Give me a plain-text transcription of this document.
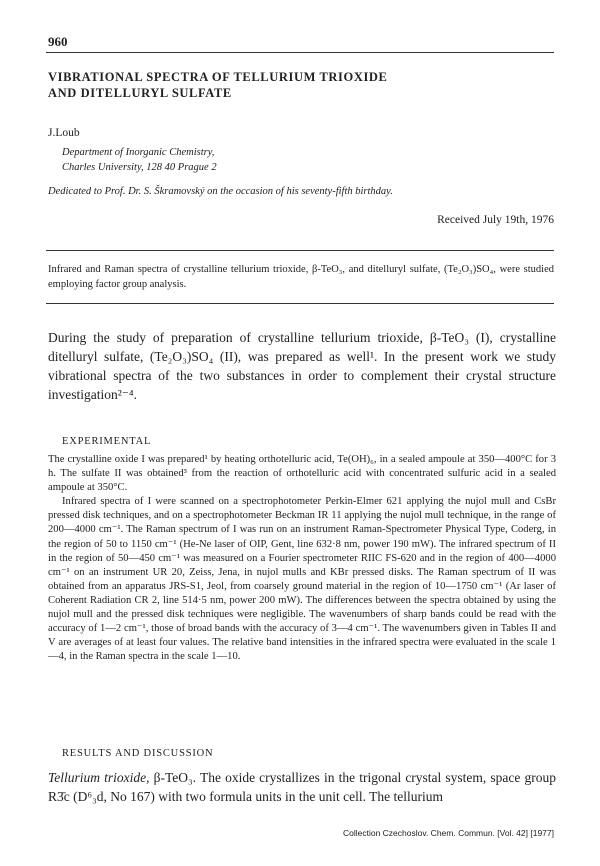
960
VIBRATIONAL SPECTRA OF TELLURIUM TRIOXIDE
AND DITELLURYL SULFATE
J.Loub
Department of Inorganic Chemistry,
Charles University, 128 40 Prague 2
Dedicated to Prof. Dr. S. Škramovský on the occasion of his seventy-fifth birthday.
Received July 19th, 1976
Infrared and Raman spectra of crystalline tellurium trioxide, β-TeO₃, and ditelluryl sulfate, (Te₂O₃)SO₄, were studied employing factor group analysis.
During the study of preparation of crystalline tellurium trioxide, β-TeO₃ (I), crystalline ditelluryl sulfate, (Te₂O₃)SO₄ (II), was prepared as well¹. In the present work we study vibrational spectra of the two substances in order to complement their crystal structure investigation²⁻⁴.
EXPERIMENTAL

The crystalline oxide I was prepared¹ by heating orthotelluric acid, Te(OH)₆, in a sealed ampoule at 350—400°C for 3 h. The sulfate II was obtained³ from the reaction of orthotelluric acid with concentrated sulfuric acid in a sealed ampoule at 350°C.

Infrared spectra of I were scanned on a spectrophotometer Perkin-Elmer 621 applying the nujol mull and CsBr pressed disk techniques, and on a spectrophotometer Beckman IR 11 applying the nujol mull technique, in the range of 200—4000 cm⁻¹. The Raman spectrum of I was run on an instrument Raman-Spectrometer Physical Type, Coderg, in the region of 50 to 1150 cm⁻¹ (He-Ne laser of OIP, Gent, line 632·8 nm, power 190 mW). The infrared spectrum of II in the region of 50—450 cm⁻¹ was measured on a Fourier spectrometer RIIC FS-620 and in the region of 400—4000 cm⁻¹ on an instrument UR 20, Zeiss, Jena, in nujol mulls and KBr pressed disks. The Raman spectrum of II was obtained from an apparatus JRS-S1, Jeol, from coarsely ground material in the region of 10—1750 cm⁻¹ (Ar laser of Coherent Radiation CR 2, line 514·5 nm, power 200 mW). The differences between the spectra obtained by using the nujol mull and the pressed disk techniques were negligible. The wavenumbers of sharp bands could be read with the accuracy of 1—2 cm⁻¹, those of broad bands with the accuracy of 3—4 cm⁻¹. The wavenumbers given in Tables II and V are averages of at least four values. The relative band intensities in the infrared spectra were evaluated in the scale 1—4, in the Raman spectra in the scale 1—10.

RESULTS AND DISCUSSION
Tellurium trioxide, β-TeO₃. The oxide crystallizes in the trigonal crystal system, space group R3̄c (D⁶₃d, No 167) with two formula units in the unit cell. The tellurium
Collection Czechoslov. Chem. Commun. [Vol. 42] [1977]
